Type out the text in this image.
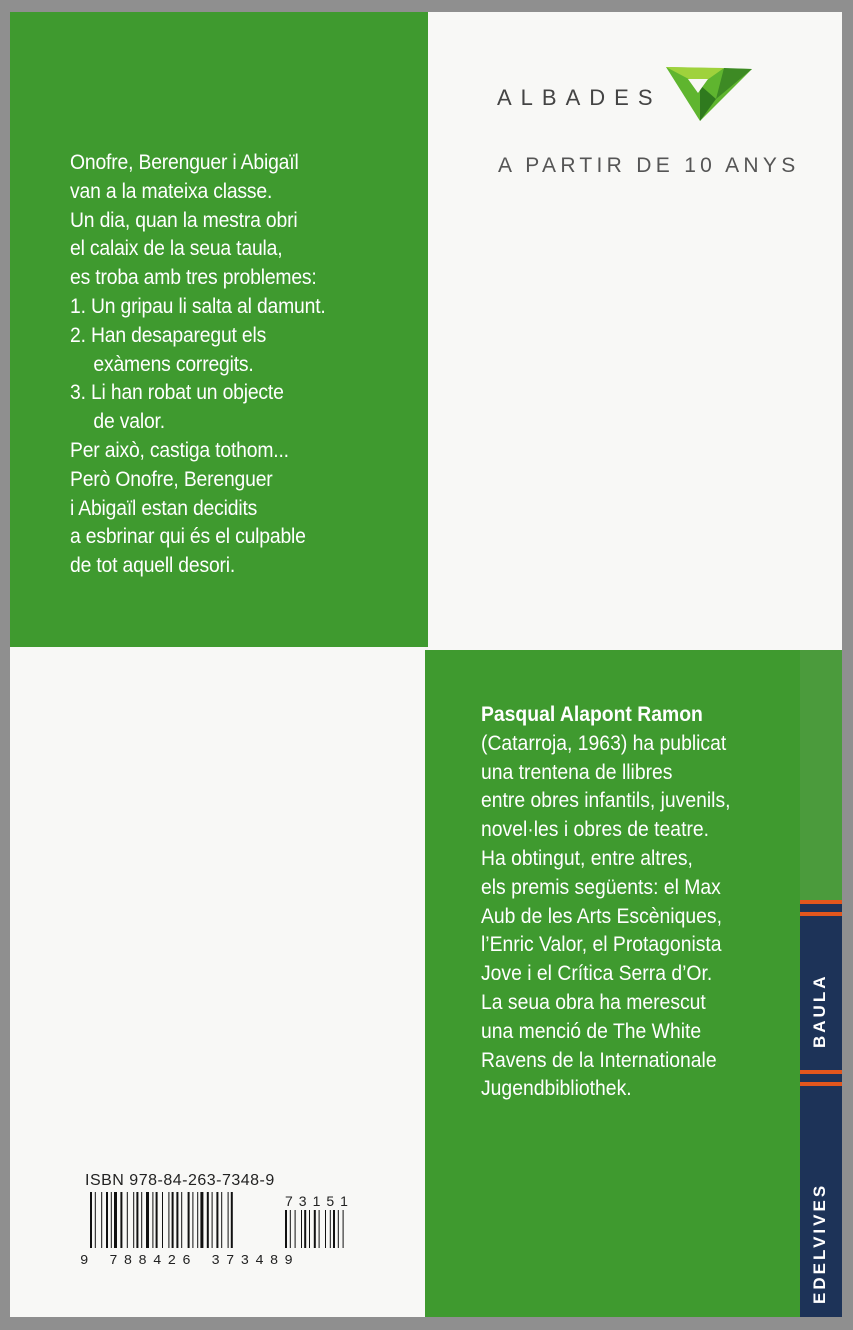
Onofre, Berenguer i Abigaïl
van a la mateixa classe.
Un dia, quan la mestra obri
el calaix de la seua taula,
es troba amb tres problemes:
1. Un gripau li salta al damunt.
2. Han desaparegut els
exàmens corregits.
3. Li han robat un objecte
de valor.
Per això, castiga tothom...
Però Onofre, Berenguer
i Abigaïl estan decidits
a esbrinar qui és el culpable
de tot aquell desori.
ALBADES
A PARTIR DE 10 ANYS
Pasqual Alapont Ramon
(Catarroja, 1963) ha publicat
una trentena de llibres
entre obres infantils, juvenils,
novel·les i obres de teatre.
Ha obtingut, entre altres,
els premis següents: el Max
Aub de les Arts Escèniques,
l’Enric Valor, el Protagonista
Jove i el Crítica Serra d’Or.
La seua obra ha merescut
una menció de The White
Ravens de la Internationale
Jugendbibliothek.
BAULA
EDELVIVES
ISBN 978-84-263-7348-9
73151
9 788426 373489
